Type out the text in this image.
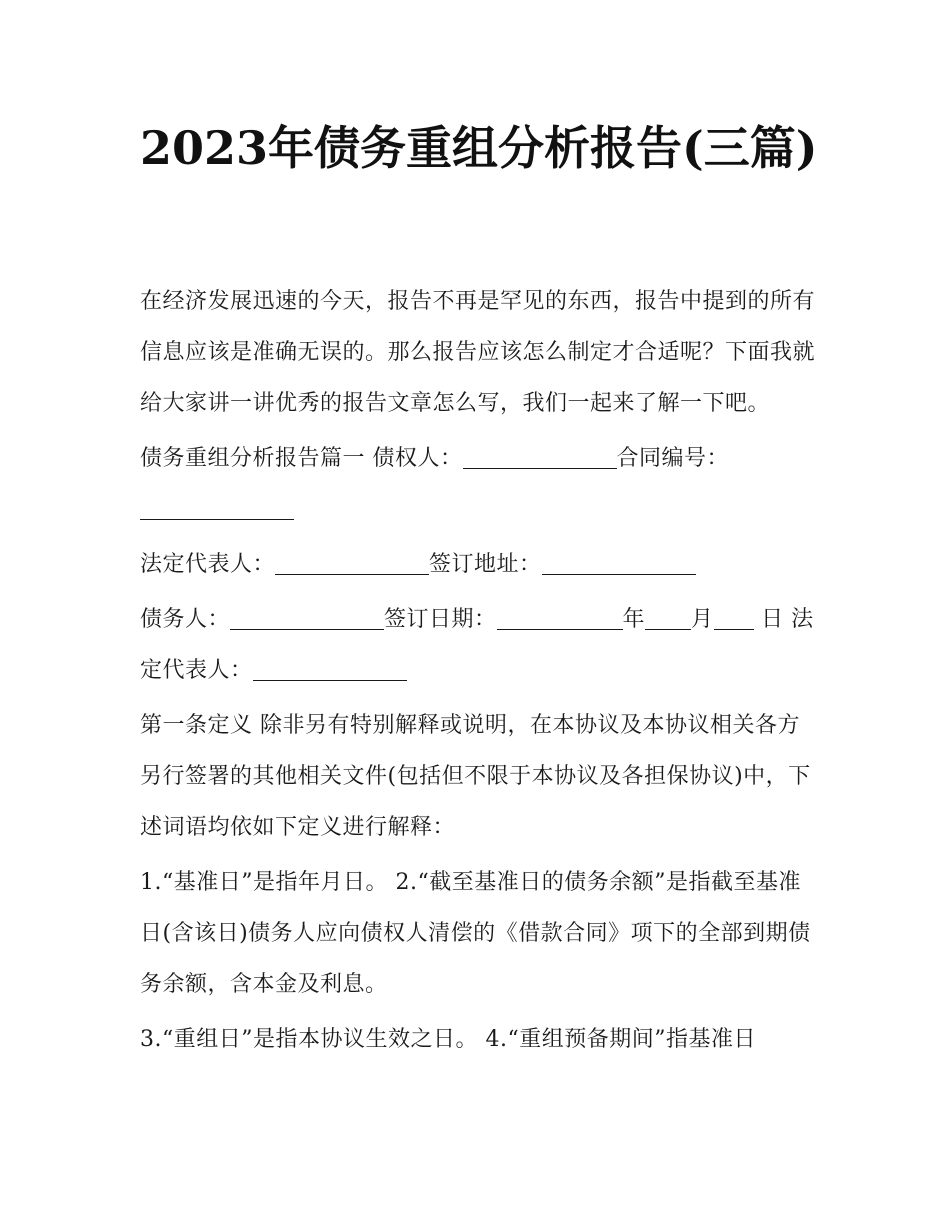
2023年债务重组分析报告(三篇)

在经济发展迅速的今天，报告不再是罕见的东西，报告中提到的所有信息应该是准确无误的。那么报告应该怎么制定才合适呢？下面我就给大家讲一讲优秀的报告文章怎么写，我们一起来了解一下吧。

债务重组分析报告篇一 债权人：	合同编号：

法定代表人：	签订地址：

债务人：	签订日期：	年 月 日 法定代表人：

第一条定义 除非另有特别解释或说明，在本协议及本协议相关各方另行签署的其他相关文件(包括但不限于本协议及各担保协议)中，下述词语均依如下定义进行解释：

1.“基准日”是指年月日。 2.“截至基准日的债务余额”是指截至基准日(含该日)债务人应向债权人清偿的《借款合同》项下的全部到期债务余额，含本金及利息。

3.“重组日”是指本协议生效之日。 4.“重组预备期间”指基准日
